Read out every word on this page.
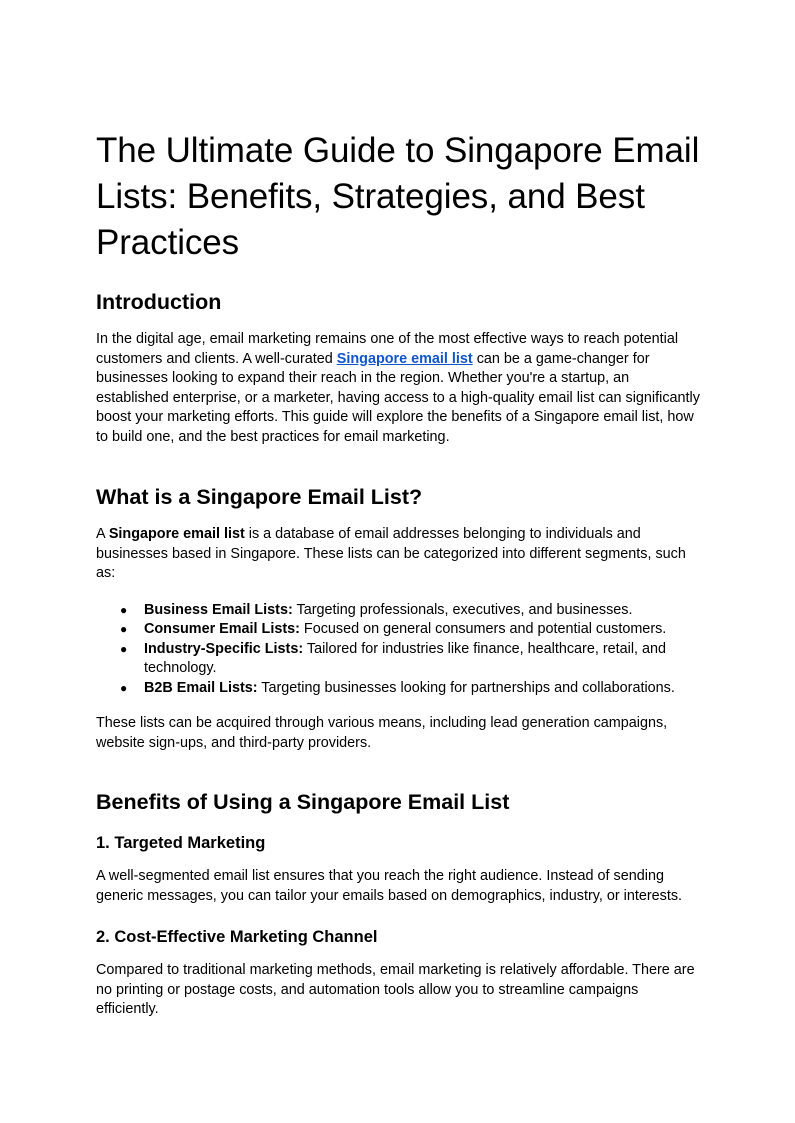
The Ultimate Guide to Singapore Email Lists: Benefits, Strategies, and Best Practices
Introduction

In the digital age, email marketing remains one of the most effective ways to reach potential customers and clients. A well-curated Singapore email list can be a game-changer for businesses looking to expand their reach in the region. Whether you're a startup, an established enterprise, or a marketer, having access to a high-quality email list can significantly boost your marketing efforts. This guide will explore the benefits of a Singapore email list, how to build one, and the best practices for email marketing.

What is a Singapore Email List?

A Singapore email list is a database of email addresses belonging to individuals and businesses based in Singapore. These lists can be categorized into different segments, such as:

● Business Email Lists: Targeting professionals, executives, and businesses.
● Consumer Email Lists: Focused on general consumers and potential customers.
● Industry-Specific Lists: Tailored for industries like finance, healthcare, retail, and technology.
● B2B Email Lists: Targeting businesses looking for partnerships and collaborations.

These lists can be acquired through various means, including lead generation campaigns, website sign-ups, and third-party providers.

Benefits of Using a Singapore Email List
1. Targeted Marketing

A well-segmented email list ensures that you reach the right audience. Instead of sending generic messages, you can tailor your emails based on demographics, industry, or interests.

2. Cost-Effective Marketing Channel

Compared to traditional marketing methods, email marketing is relatively affordable. There are no printing or postage costs, and automation tools allow you to streamline campaigns efficiently.
